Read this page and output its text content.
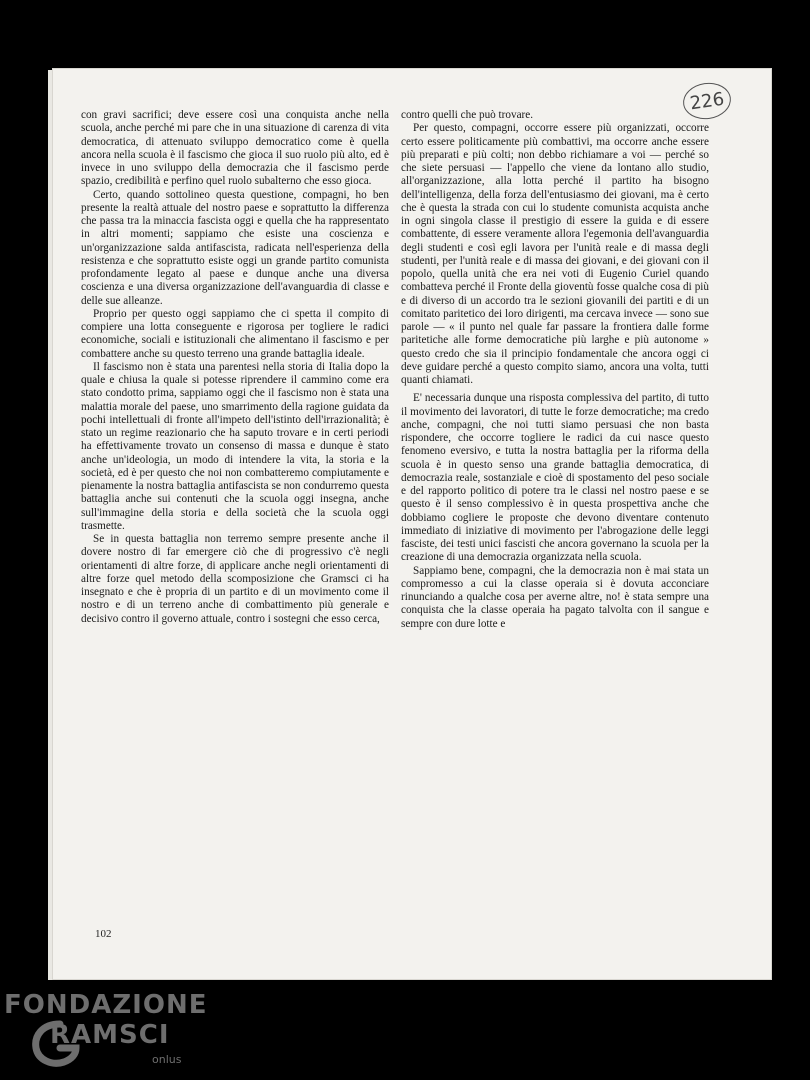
226

con gravi sacrifici; deve essere così una conquista anche nella scuola, anche perché mi pare che in una situazione di carenza di vita democratica, di attenuato sviluppo democratico come è quella ancora nella scuola è il fascismo che gioca il suo ruolo più alto, ed è invece in uno sviluppo della democrazia che il fascismo perde spazio, credibilità e perfino quel ruolo subalterno che esso gioca.

Certo, quando sottolineo questa questione, compagni, ho ben presente la realtà attuale del nostro paese e soprattutto la differenza che passa tra la minaccia fascista oggi e quella che ha rappresentato in altri momenti; sappiamo che esiste una coscienza e un'organizzazione salda antifascista, radicata nell'esperienza della resistenza e che soprattutto esiste oggi un grande partito comunista profondamente legato al paese e dunque anche una diversa coscienza e una diversa organizzazione dell'avanguardia di classe e delle sue alleanze.

Proprio per questo oggi sappiamo che ci spetta il compito di compiere una lotta conseguente e rigorosa per togliere le radici economiche, sociali e istituzionali che alimentano il fascismo e per combattere anche su questo terreno una grande battaglia ideale.

Il fascismo non è stata una parentesi nella storia di Italia dopo la quale e chiusa la quale si potesse riprendere il cammino come era stato condotto prima, sappiamo oggi che il fascismo non è stata una malattia morale del paese, uno smarrimento della ragione guidata da pochi intellettuali di fronte all'impeto dell'istinto dell'irrazionalità; è stato un regime reazionario che ha saputo trovare e in certi periodi ha effettivamente trovato un consenso di massa e dunque è stato anche un'ideologia, un modo di intendere la vita, la storia e la società, ed è per questo che noi non combatteremo compiutamente e pienamente la nostra battaglia antifascista se non condurremo questa battaglia anche sui contenuti che la scuola oggi insegna, anche sull'immagine della storia e della società che la scuola oggi trasmette.

Se in questa battaglia non terremo sempre presente anche il dovere nostro di far emergere ciò che di progressivo c'è negli orientamenti di altre forze, di applicare anche negli orientamenti di altre forze quel metodo della scomposizione che Gramsci ci ha insegnato e che è propria di un partito e di un movimento come il nostro e di un terreno anche di combattimento più generale e decisivo contro il governo attuale, contro i sostegni che esso cerca,

contro quelli che può trovare.

Per questo, compagni, occorre essere più organizzati, occorre certo essere politicamente più combattivi, ma occorre anche essere più preparati e più colti; non debbo richiamare a voi — perché so che siete persuasi — l'appello che viene da lontano allo studio, all'organizzazione, alla lotta perché il partito ha bisogno dell'intelligenza, della forza dell'entusiasmo dei giovani, ma è certo che è questa la strada con cui lo studente comunista acquista anche in ogni singola classe il prestigio di essere la guida e di essere combattente, di essere veramente allora l'egemonia dell'avanguardia degli studenti e così egli lavora per l'unità reale e di massa degli studenti, per l'unità reale e di massa dei giovani, e dei giovani con il popolo, quella unità che era nei voti di Eugenio Curiel quando combatteva perché il Fronte della gioventù fosse qualche cosa di più e di diverso di un accordo tra le sezioni giovanili dei partiti e di un comitato paritetico dei loro dirigenti, ma cercava invece — sono sue parole — « il punto nel quale far passare la frontiera dalle forme paritetiche alle forme democratiche più larghe e più autonome » questo credo che sia il principio fondamentale che ancora oggi ci deve guidare perché a questo compito siamo, ancora una volta, tutti quanti chiamati.

E' necessaria dunque una risposta complessiva del partito, di tutto il movimento dei lavoratori, di tutte le forze democratiche; ma credo anche, compagni, che noi tutti siamo persuasi che non basta rispondere, che occorre togliere le radici da cui nasce questo fenomeno eversivo, e tutta la nostra battaglia per la riforma della scuola è in questo senso una grande battaglia democratica, di democrazia reale, sostanziale e cioè di spostamento del peso sociale e del rapporto politico di potere tra le classi nel nostro paese e se questo è il senso complessivo è in questa prospettiva anche che dobbiamo cogliere le proposte che devono diventare contenuto immediato di iniziative di movimento per l'abrogazione delle leggi fasciste, dei testi unici fascisti che ancora governano la scuola per la creazione di una democrazia organizzata nella scuola.

Sappiamo bene, compagni, che la democrazia non è mai stata un compromesso a cui la classe operaia si è dovuta acconciare rinunciando a qualche cosa per averne altre, no! è stata sempre una conquista che la classe operaia ha pagato talvolta con il sangue e sempre con dure lotte e

102
FONDAZIONE
RAMSCI
onlus
